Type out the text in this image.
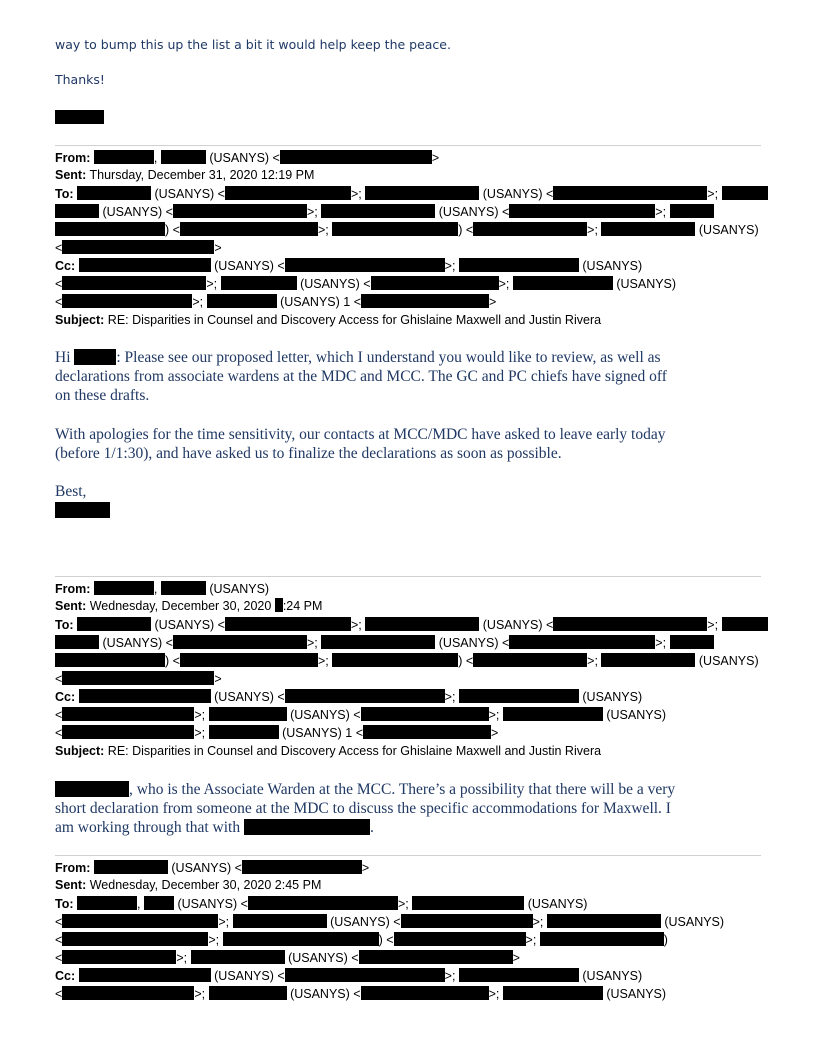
way to bump this up the list a bit it would help keep the peace.
Thanks!
From:	,	(USANYS) <	>
Sent: Thursday, December 31, 2020 12:19 PM
To:	(USANYS) <	>;	(USANYS) <	>;
(USANYS) <	>;	(USANYS) <	>;
) <	>;	) <	>;	(USANYS)
<	>
Cc:	(USANYS) <	>;	(USANYS)
<	>;	(USANYS) <	>;	(USANYS)
<	>;	(USANYS) 1 <	>
Subject: RE: Disparities in Counsel and Discovery Access for Ghislaine Maxwell and Justin Rivera
Hi	: Please see our proposed letter, which I understand you would like to review, as well as
declarations from associate wardens at the MDC and MCC. The GC and PC chiefs have signed off
on these drafts.
With apologies for the time sensitivity, our contacts at MCC/MDC have asked to leave early today
(before 1/1:30), and have asked us to finalize the declarations as soon as possible.
Best,
From:	,	(USANYS)
Sent: Wednesday, December 30, 2020 :24 PM
To:	(USANYS) <	>;	(USANYS) <	>;
(USANYS) <	>;	(USANYS) <	>;
) <	>;	) <	>;	(USANYS)
<	>
Cc:	(USANYS) <	>;	(USANYS)
<	>;	(USANYS) <	>;	(USANYS)
<	>;	(USANYS) 1 <	>
Subject: RE: Disparities in Counsel and Discovery Access for Ghislaine Maxwell and Justin Rivera
, who is the Associate Warden at the MCC. There’s a possibility that there will be a very
short declaration from someone at the MDC to discuss the specific accommodations for Maxwell. I
am working through that with	.
From:	(USANYS) <	>
Sent: Wednesday, December 30, 2020 2:45 PM
To:	,	(USANYS) <	>;	(USANYS)
<	>;	(USANYS) <	>;	(USANYS)
<	>;	) <	>;	)
<	>;	(USANYS) <	>
Cc:	(USANYS) <	>;	(USANYS)
<	>;	(USANYS) <	>;	(USANYS)
